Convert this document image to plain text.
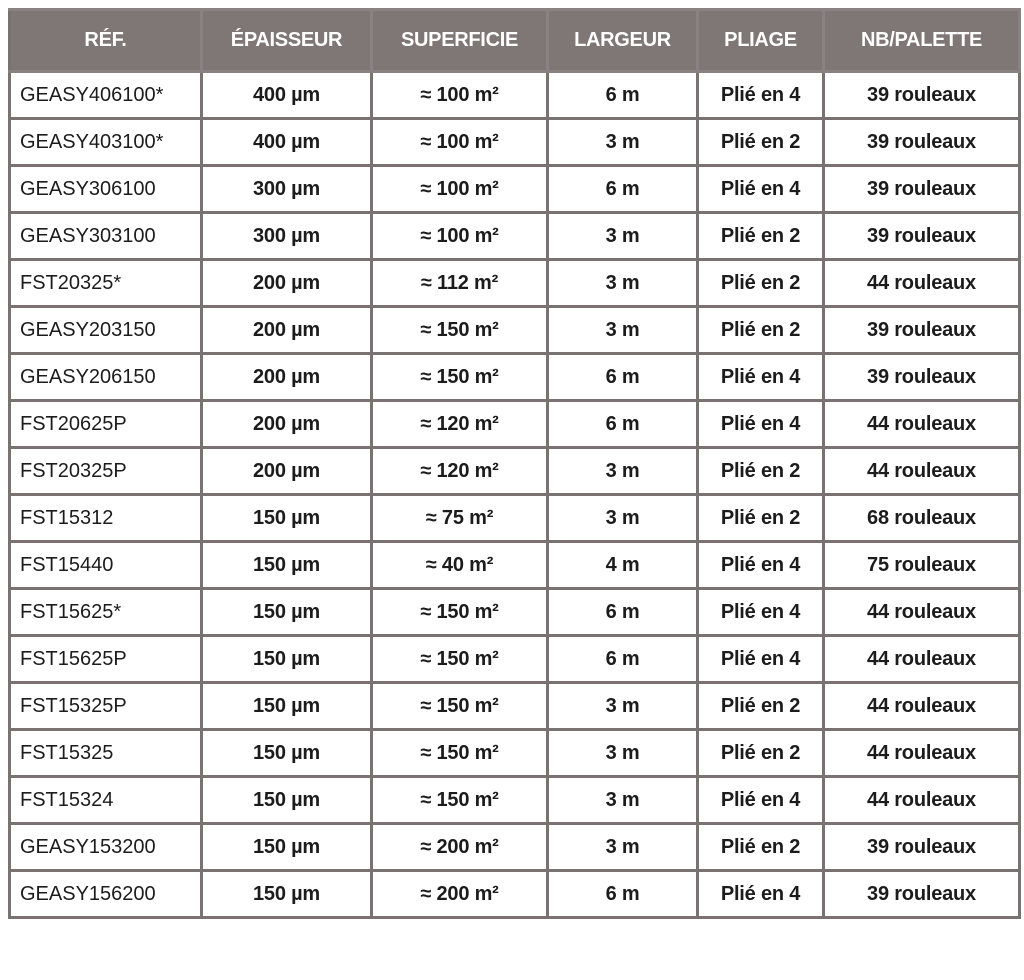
RÉF.	ÉPAISSEUR	SUPERFICIE	LARGEUR	PLIAGE	NB/PALETTE
GEASY406100*	400 µm	≈ 100 m²	6 m	Plié en 4	39 rouleaux
GEASY403100*	400 µm	≈ 100 m²	3 m	Plié en 2	39 rouleaux
GEASY306100	300 µm	≈ 100 m²	6 m	Plié en 4	39 rouleaux
GEASY303100	300 µm	≈ 100 m²	3 m	Plié en 2	39 rouleaux
FST20325*	200 µm	≈ 112 m²	3 m	Plié en 2	44 rouleaux
GEASY203150	200 µm	≈ 150 m²	3 m	Plié en 2	39 rouleaux
GEASY206150	200 µm	≈ 150 m²	6 m	Plié en 4	39 rouleaux
FST20625P	200 µm	≈ 120 m²	6 m	Plié en 4	44 rouleaux
FST20325P	200 µm	≈ 120 m²	3 m	Plié en 2	44 rouleaux
FST15312	150 µm	≈ 75 m²	3 m	Plié en 2	68 rouleaux
FST15440	150 µm	≈ 40 m²	4 m	Plié en 4	75 rouleaux
FST15625*	150 µm	≈ 150 m²	6 m	Plié en 4	44 rouleaux
FST15625P	150 µm	≈ 150 m²	6 m	Plié en 4	44 rouleaux
FST15325P	150 µm	≈ 150 m²	3 m	Plié en 2	44 rouleaux
FST15325	150 µm	≈ 150 m²	3 m	Plié en 2	44 rouleaux
FST15324	150 µm	≈ 150 m²	3 m	Plié en 4	44 rouleaux
GEASY153200	150 µm	≈ 200 m²	3 m	Plié en 2	39 rouleaux
GEASY156200	150 µm	≈ 200 m²	6 m	Plié en 4	39 rouleaux
